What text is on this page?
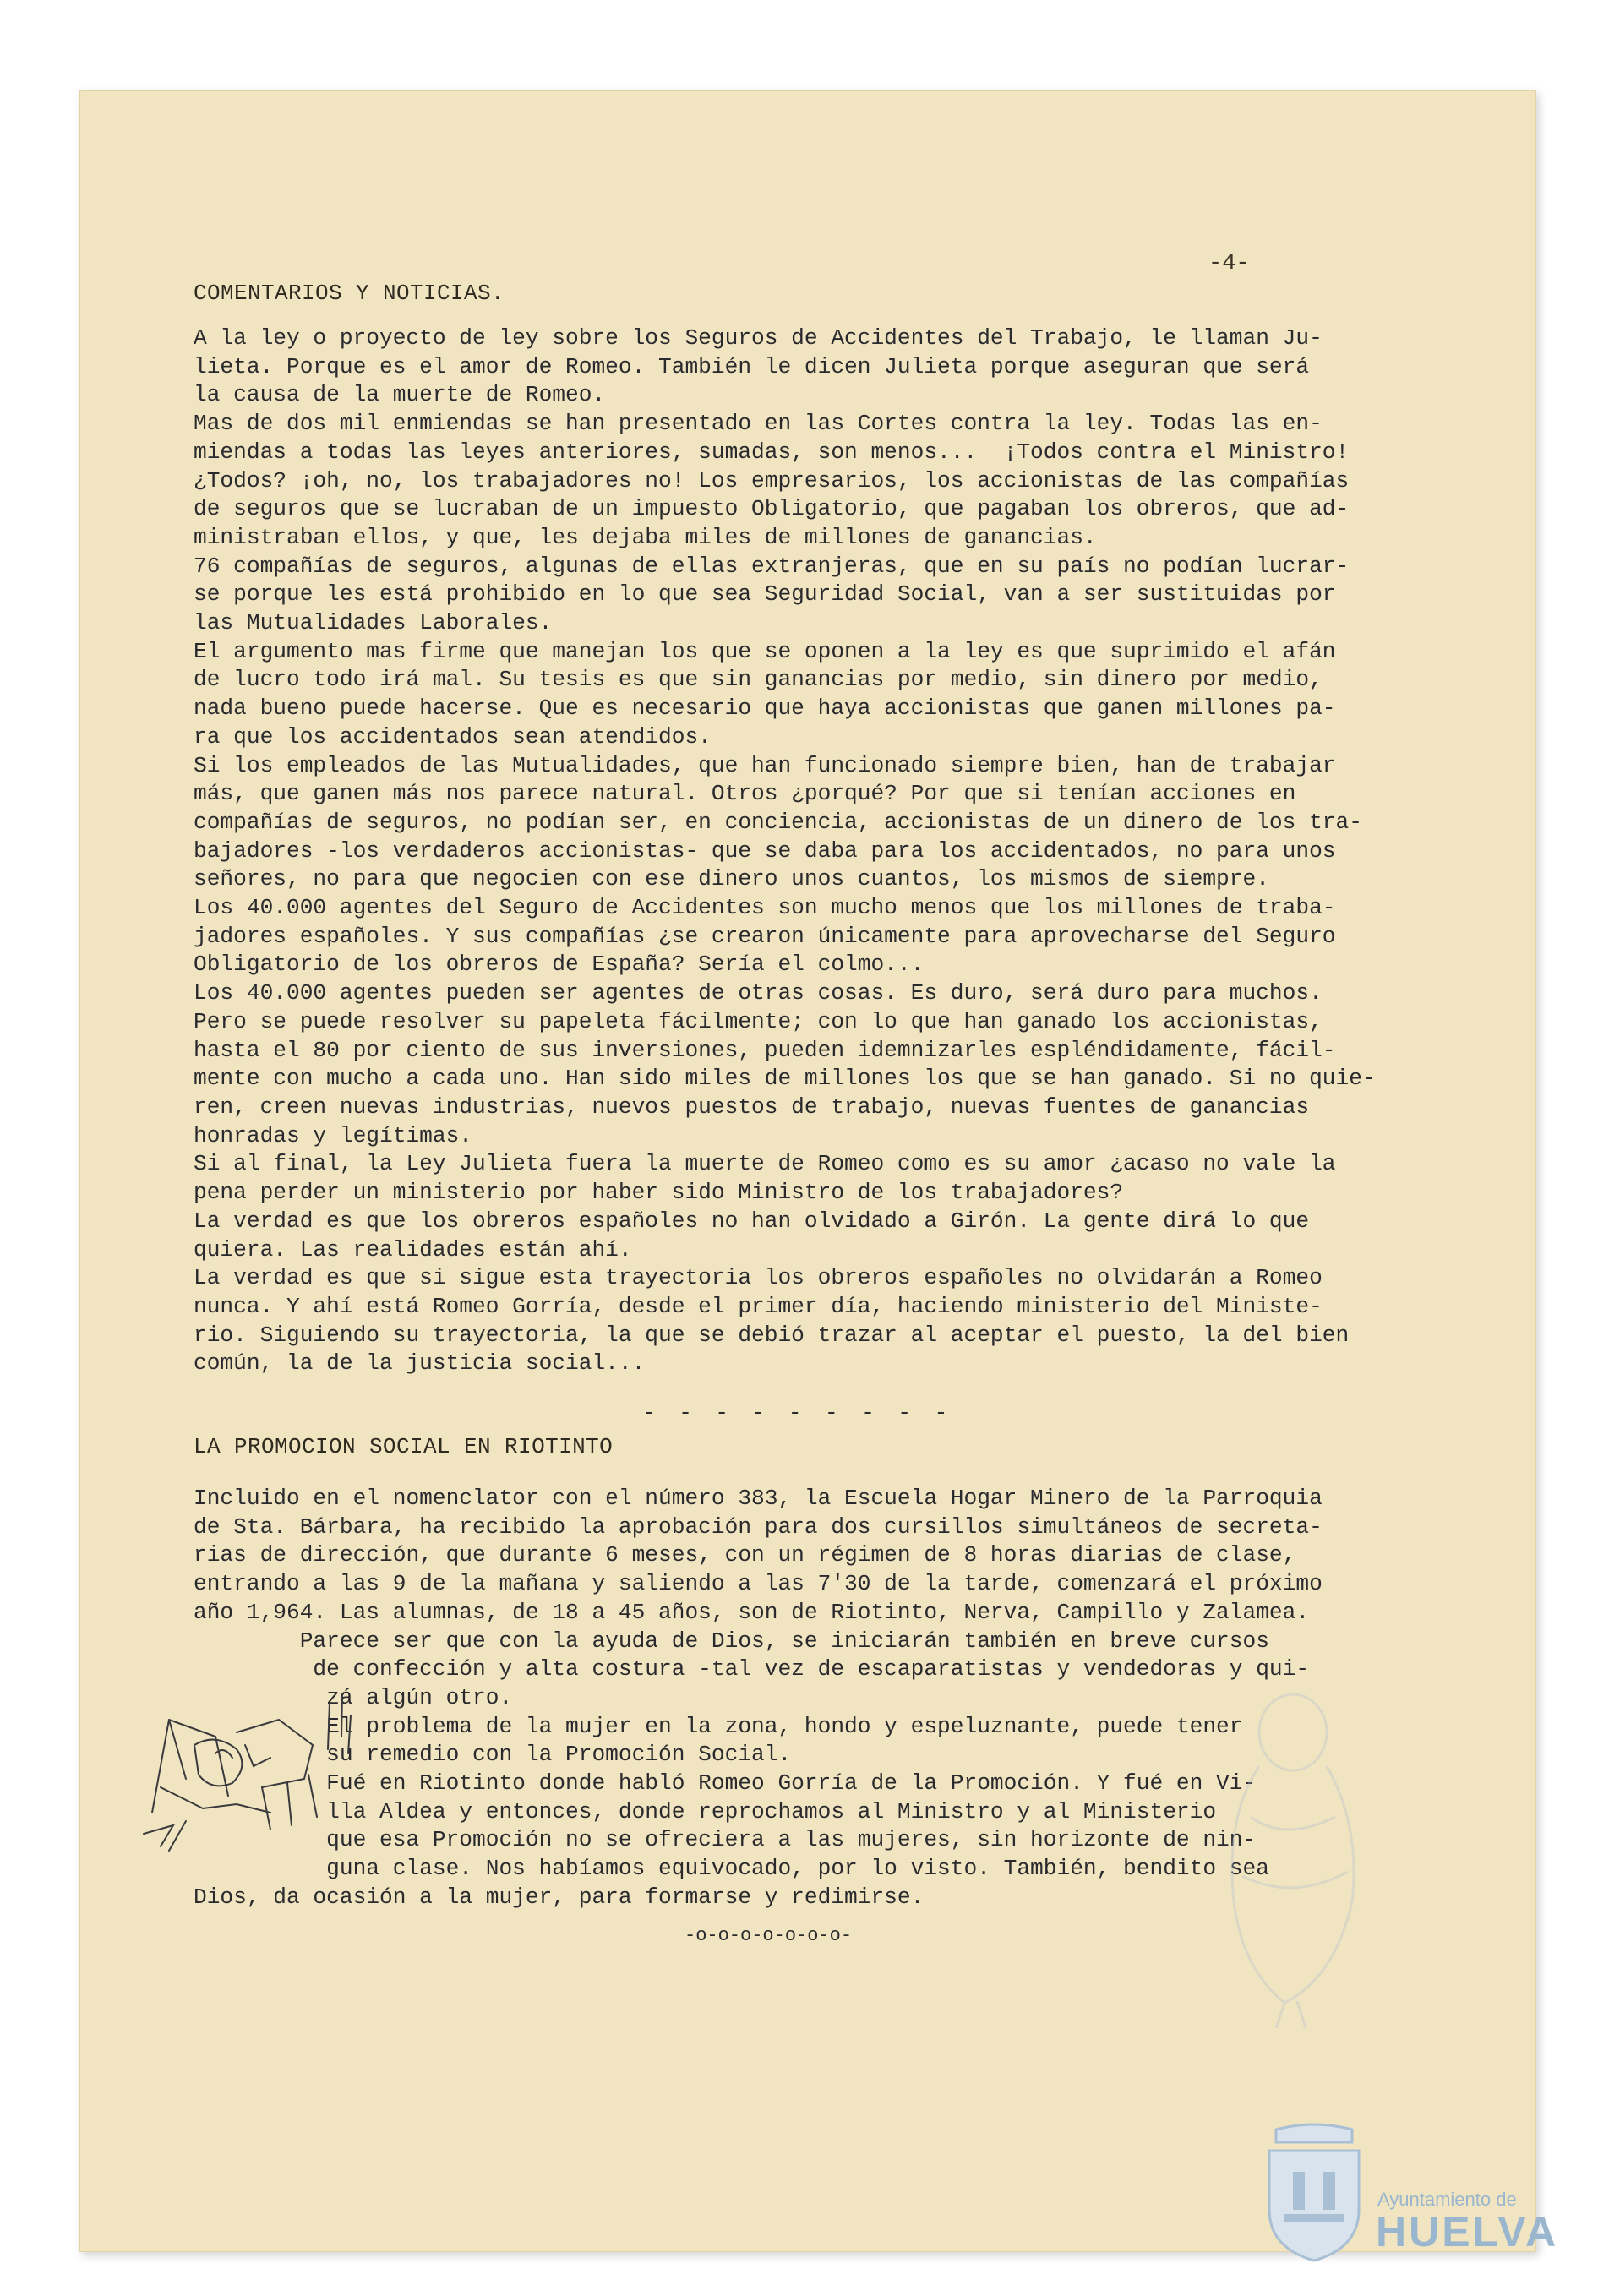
-4-
COMENTARIOS Y NOTICIAS.
A la ley o proyecto de ley sobre los Seguros de Accidentes del Trabajo, le llaman Ju-
lieta. Porque es el amor de Romeo. También le dicen Julieta porque aseguran que será
la causa de la muerte de Romeo.
Mas de dos mil enmiendas se han presentado en las Cortes contra la ley. Todas las en-
miendas a todas las leyes anteriores, sumadas, son menos...  ¡Todos contra el Ministro!
¿Todos? ¡oh, no, los trabajadores no! Los empresarios, los accionistas de las compañías
de seguros que se lucraban de un impuesto Obligatorio, que pagaban los obreros, que ad-
ministraban ellos, y que, les dejaba miles de millones de ganancias.
76 compañías de seguros, algunas de ellas extranjeras, que en su país no podían lucrar-
se porque les está prohibido en lo que sea Seguridad Social, van a ser sustituidas por
las Mutualidades Laborales.
El argumento mas firme que manejan los que se oponen a la ley es que suprimido el afán
de lucro todo irá mal. Su tesis es que sin ganancias por medio, sin dinero por medio,
nada bueno puede hacerse. Que es necesario que haya accionistas que ganen millones pa-
ra que los accidentados sean atendidos.
Si los empleados de las Mutualidades, que han funcionado siempre bien, han de trabajar
más, que ganen más nos parece natural. Otros ¿porqué? Por que si tenían acciones en
compañías de seguros, no podían ser, en conciencia, accionistas de un dinero de los tra-
bajadores -los verdaderos accionistas- que se daba para los accidentados, no para unos
señores, no para que negocien con ese dinero unos cuantos, los mismos de siempre.
Los 40.000 agentes del Seguro de Accidentes son mucho menos que los millones de traba-
jadores españoles. Y sus compañías ¿se crearon únicamente para aprovecharse del Seguro
Obligatorio de los obreros de España? Sería el colmo...
Los 40.000 agentes pueden ser agentes de otras cosas. Es duro, será duro para muchos.
Pero se puede resolver su papeleta fácilmente; con lo que han ganado los accionistas,
hasta el 80 por ciento de sus inversiones, pueden idemnizarles espléndidamente, fácil-
mente con mucho a cada uno. Han sido miles de millones los que se han ganado. Si no quie-
ren, creen nuevas industrias, nuevos puestos de trabajo, nuevas fuentes de ganancias
honradas y legítimas.
Si al final, la Ley Julieta fuera la muerte de Romeo como es su amor ¿acaso no vale la
pena perder un ministerio por haber sido Ministro de los trabajadores?
La verdad es que los obreros españoles no han olvidado a Girón. La gente dirá lo que
quiera. Las realidades están ahí.
La verdad es que si sigue esta trayectoria los obreros españoles no olvidarán a Romeo
nunca. Y ahí está Romeo Gorría, desde el primer día, haciendo ministerio del Ministe-
rio. Siguiendo su trayectoria, la que se debió trazar al aceptar el puesto, la del bien
común, la de la justicia social...
- - - - - - - - -
LA PROMOCION SOCIAL EN RIOTINTO
Incluido en el nomenclator con el número 383, la Escuela Hogar Minero de la Parroquia
de Sta. Bárbara, ha recibido la aprobación para dos cursillos simultáneos de secreta-
rias de dirección, que durante 6 meses, con un régimen de 8 horas diarias de clase,
entrando a las 9 de la mañana y saliendo a las 7'30 de la tarde, comenzará el próximo
año 1,964. Las alumnas, de 18 a 45 años, son de Riotinto, Nerva, Campillo y Zalamea.
Parece ser que con la ayuda de Dios, se iniciarán también en breve cursos
de confección y alta costura -tal vez de escaparatistas y vendedoras y qui-
zá algún otro.
El problema de la mujer en la zona, hondo y espeluznante, puede tener
su remedio con la Promoción Social.
Fué en Riotinto donde habló Romeo Gorría de la Promoción. Y fué en Vi-
lla Aldea y entonces, donde reprochamos al Ministro y al Ministerio
que esa Promoción no se ofreciera a las mujeres, sin horizonte de nin-
guna clase. Nos habíamos equivocado, por lo visto. También, bendito sea
Dios, da ocasión a la mujer, para formarse y redimirse.
-o-o-o-o-o-o-o-
Ayuntamiento de
HUELVA
